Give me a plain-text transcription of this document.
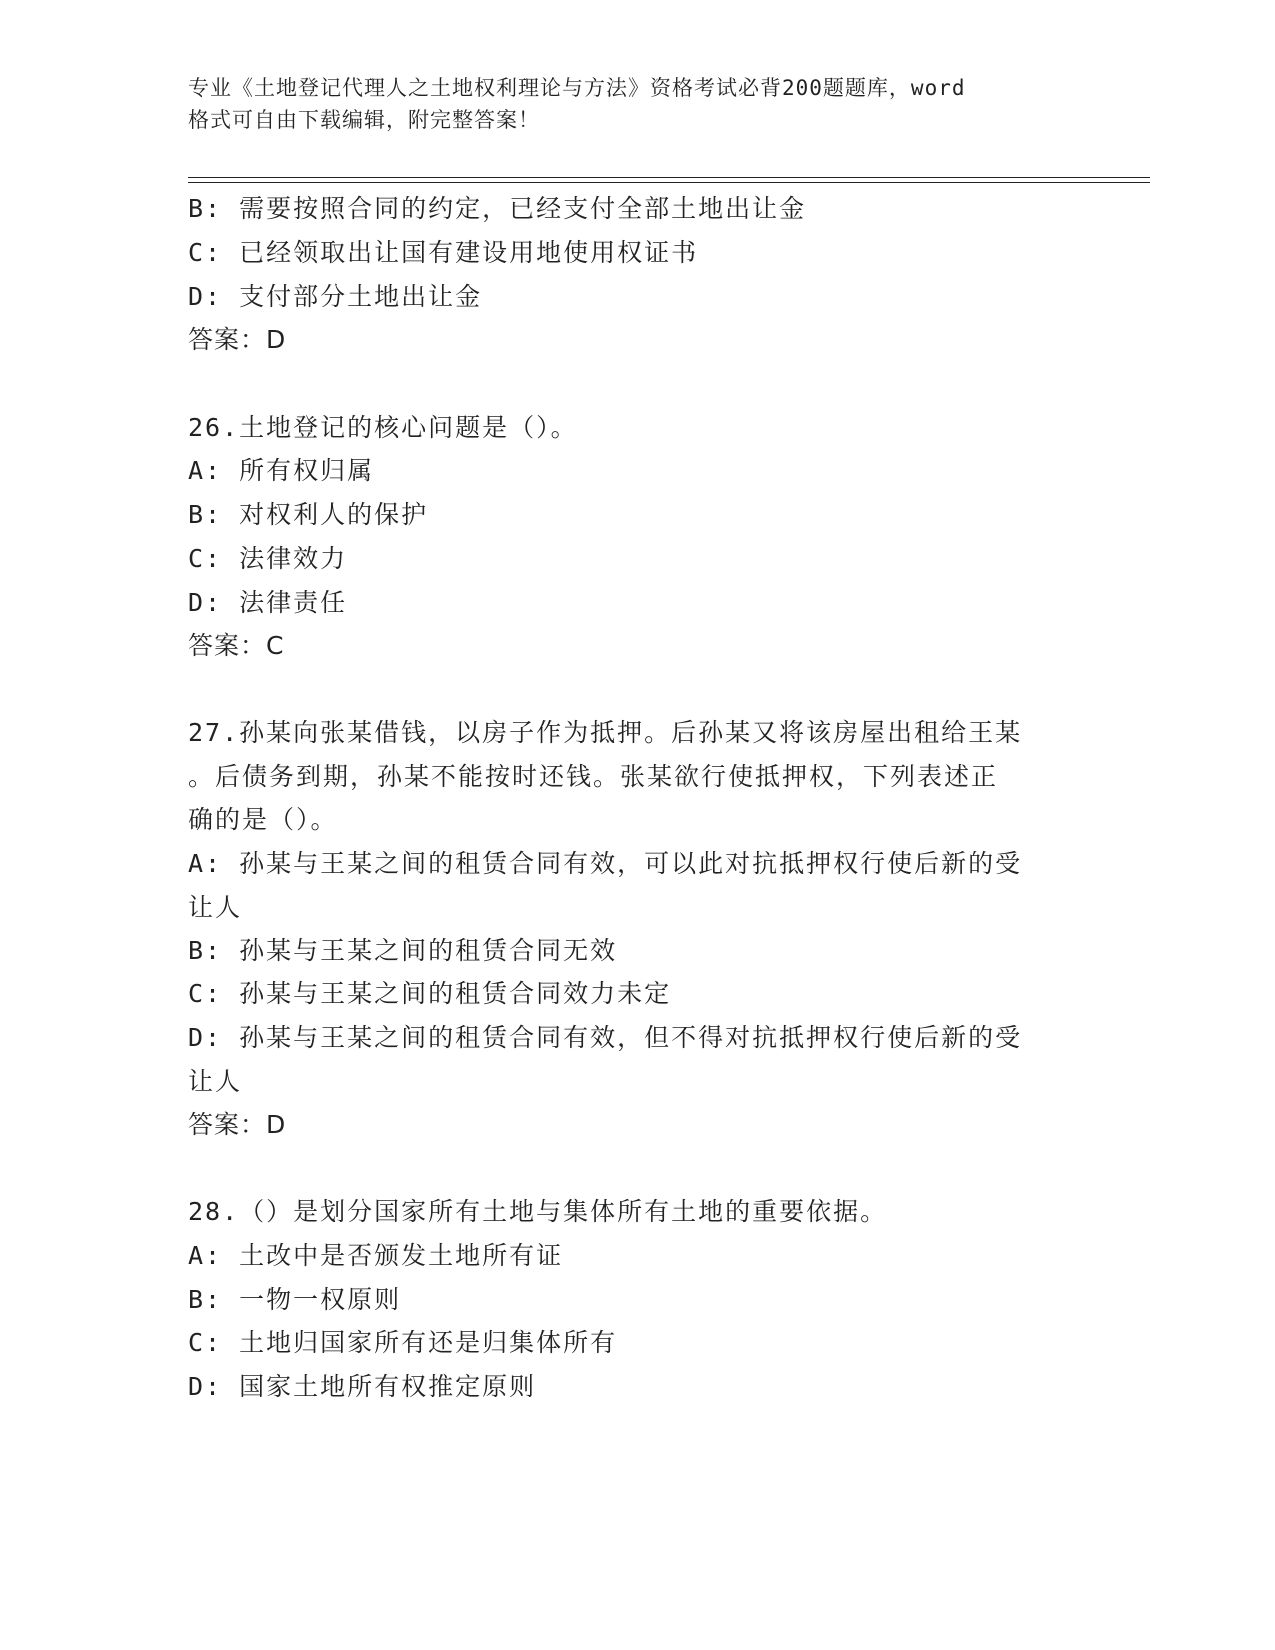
专业《土地登记代理人之土地权利理论与方法》资格考试必背200题题库，word
格式可自由下载编辑，附完整答案！
B: 需要按照合同的约定，已经支付全部土地出让金
C: 已经领取出让国有建设用地使用权证书
D: 支付部分土地出让金
答案：D
26.土地登记的核心问题是（）。
A: 所有权归属
B: 对权利人的保护
C: 法律效力
D: 法律责任
答案：C
27.孙某向张某借钱，以房子作为抵押。后孙某又将该房屋出租给王某
。后债务到期，孙某不能按时还钱。张某欲行使抵押权，下列表述正
确的是（）。
A: 孙某与王某之间的租赁合同有效，可以此对抗抵押权行使后新的受
让人
B: 孙某与王某之间的租赁合同无效
C: 孙某与王某之间的租赁合同效力未定
D: 孙某与王某之间的租赁合同有效，但不得对抗抵押权行使后新的受
让人
答案：D
28.（）是划分国家所有土地与集体所有土地的重要依据。
A: 土改中是否颁发土地所有证
B: 一物一权原则
C: 土地归国家所有还是归集体所有
D: 国家土地所有权推定原则
